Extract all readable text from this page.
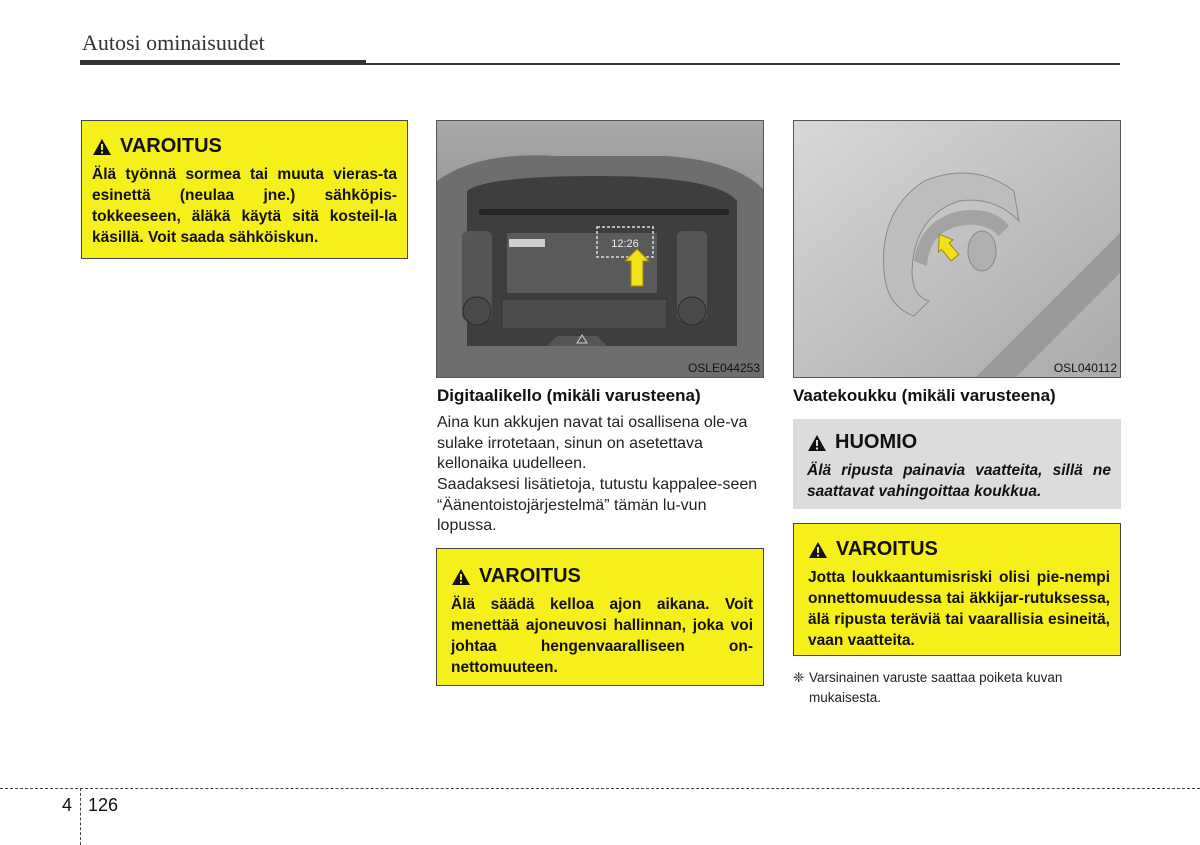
Autosi ominaisuudet
VAROITUS
Älä työnnä sormea tai muuta vieras-ta esinettä (neulaa jne.) sähköpis-tokkeeseen, äläkä käytä sitä kosteil-la käsillä. Voit saada sähköiskun.	12:26
OSLE044253
Digitaalikello (mikäli varusteena)

Aina kun akkujen navat tai osallisena ole-va sulake irrotetaan, sinun on asetettava kellonaika uudelleen.

Saadaksesi lisätietoja, tutustu kappalee-seen “Äänentoistojärjestelmä” tämän lu-vun lopussa.

VAROITUS
Älä säädä kelloa ajon aikana. Voit menettää ajoneuvosi hallinnan, joka voi johtaa hengenvaaralliseen on-nettomuuteen.
OSL040112
Vaatekoukku (mikäli varusteena)
HUOMIO
Älä ripusta painavia vaatteita, sillä ne saattavat vahingoittaa koukkua.
VAROITUS
Jotta loukkaantumisriski olisi pie-nempi onnettomuudessa tai äkkijar-rutuksessa, älä ripusta teräviä tai vaarallisia esineitä, vaan vaatteita.
❈ Varsinainen varuste saattaa poiketa kuvan mukaisesta.
4 126
